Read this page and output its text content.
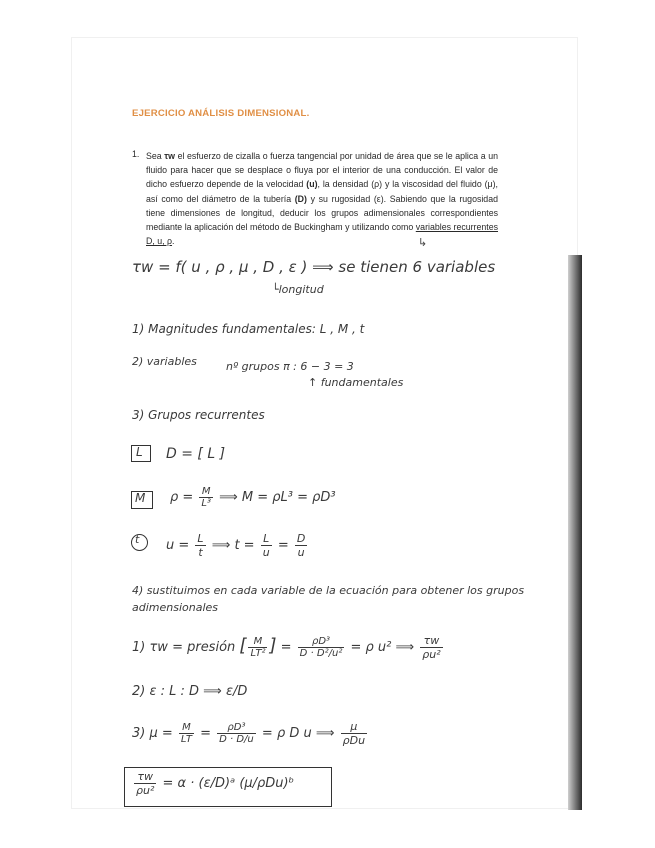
EJERCICIO ANÁLISIS DIMENSIONAL.
1. Sea τw el esfuerzo de cizalla o fuerza tangencial por unidad de área que se le aplica a un fluido para hacer que se desplace o fluya por el interior de una conducción. El valor de dicho esfuerzo depende de la velocidad (u), la densidad (ρ) y la viscosidad del fluido (μ), así como del diámetro de la tubería (D) y su rugosidad (ε). Sabiendo que la rugosidad tiene dimensiones de longitud, deducir los grupos adimensionales correspondientes mediante la aplicación del método de Buckingham y utilizando como variables recurrentes D, u, ρ.	↳
τw = f( u , ρ , μ , D , ε ) ⟹ se tienen 6 variables
└longitud
1) Magnitudes fundamentales: L , M , t
2) variables	nº grupos π : 6 − 3 = 3
↑ fundamentales
3) Grupos recurrentes
L D = [ L ]
M $\rho = \frac{M}{\text{L³}}$ ⟹ M = ρL³ = ρD³
t $u = \frac{L}{t}$ ⟹ $t = \frac{L}{u} = \frac{D}{u}$
4) sustituimos en cada variable de la ecuación para obtener los grupos adimensionales
1) τw = presión [ $\frac{M}{\text{LT²}}$ ] = $\frac{\text{ρD³}}{\text{D · D²/u²}} = \rho$ u² ⟹ $\frac{\tau w}{\text{ρu²}}$
2) ε : L : D ⟹ ε/D
3) $\mu = \frac{M}{LT} = \frac{\text{ρD³}}{D \cdot D/u} = \rho$ D u ⟹ $\frac{\mu}{\text{ρDu}}$
$\frac{\tau w}{\text{ρu²}} = \alpha$ · (ε/D)ᵃ (μ/ρDu)ᵇ
